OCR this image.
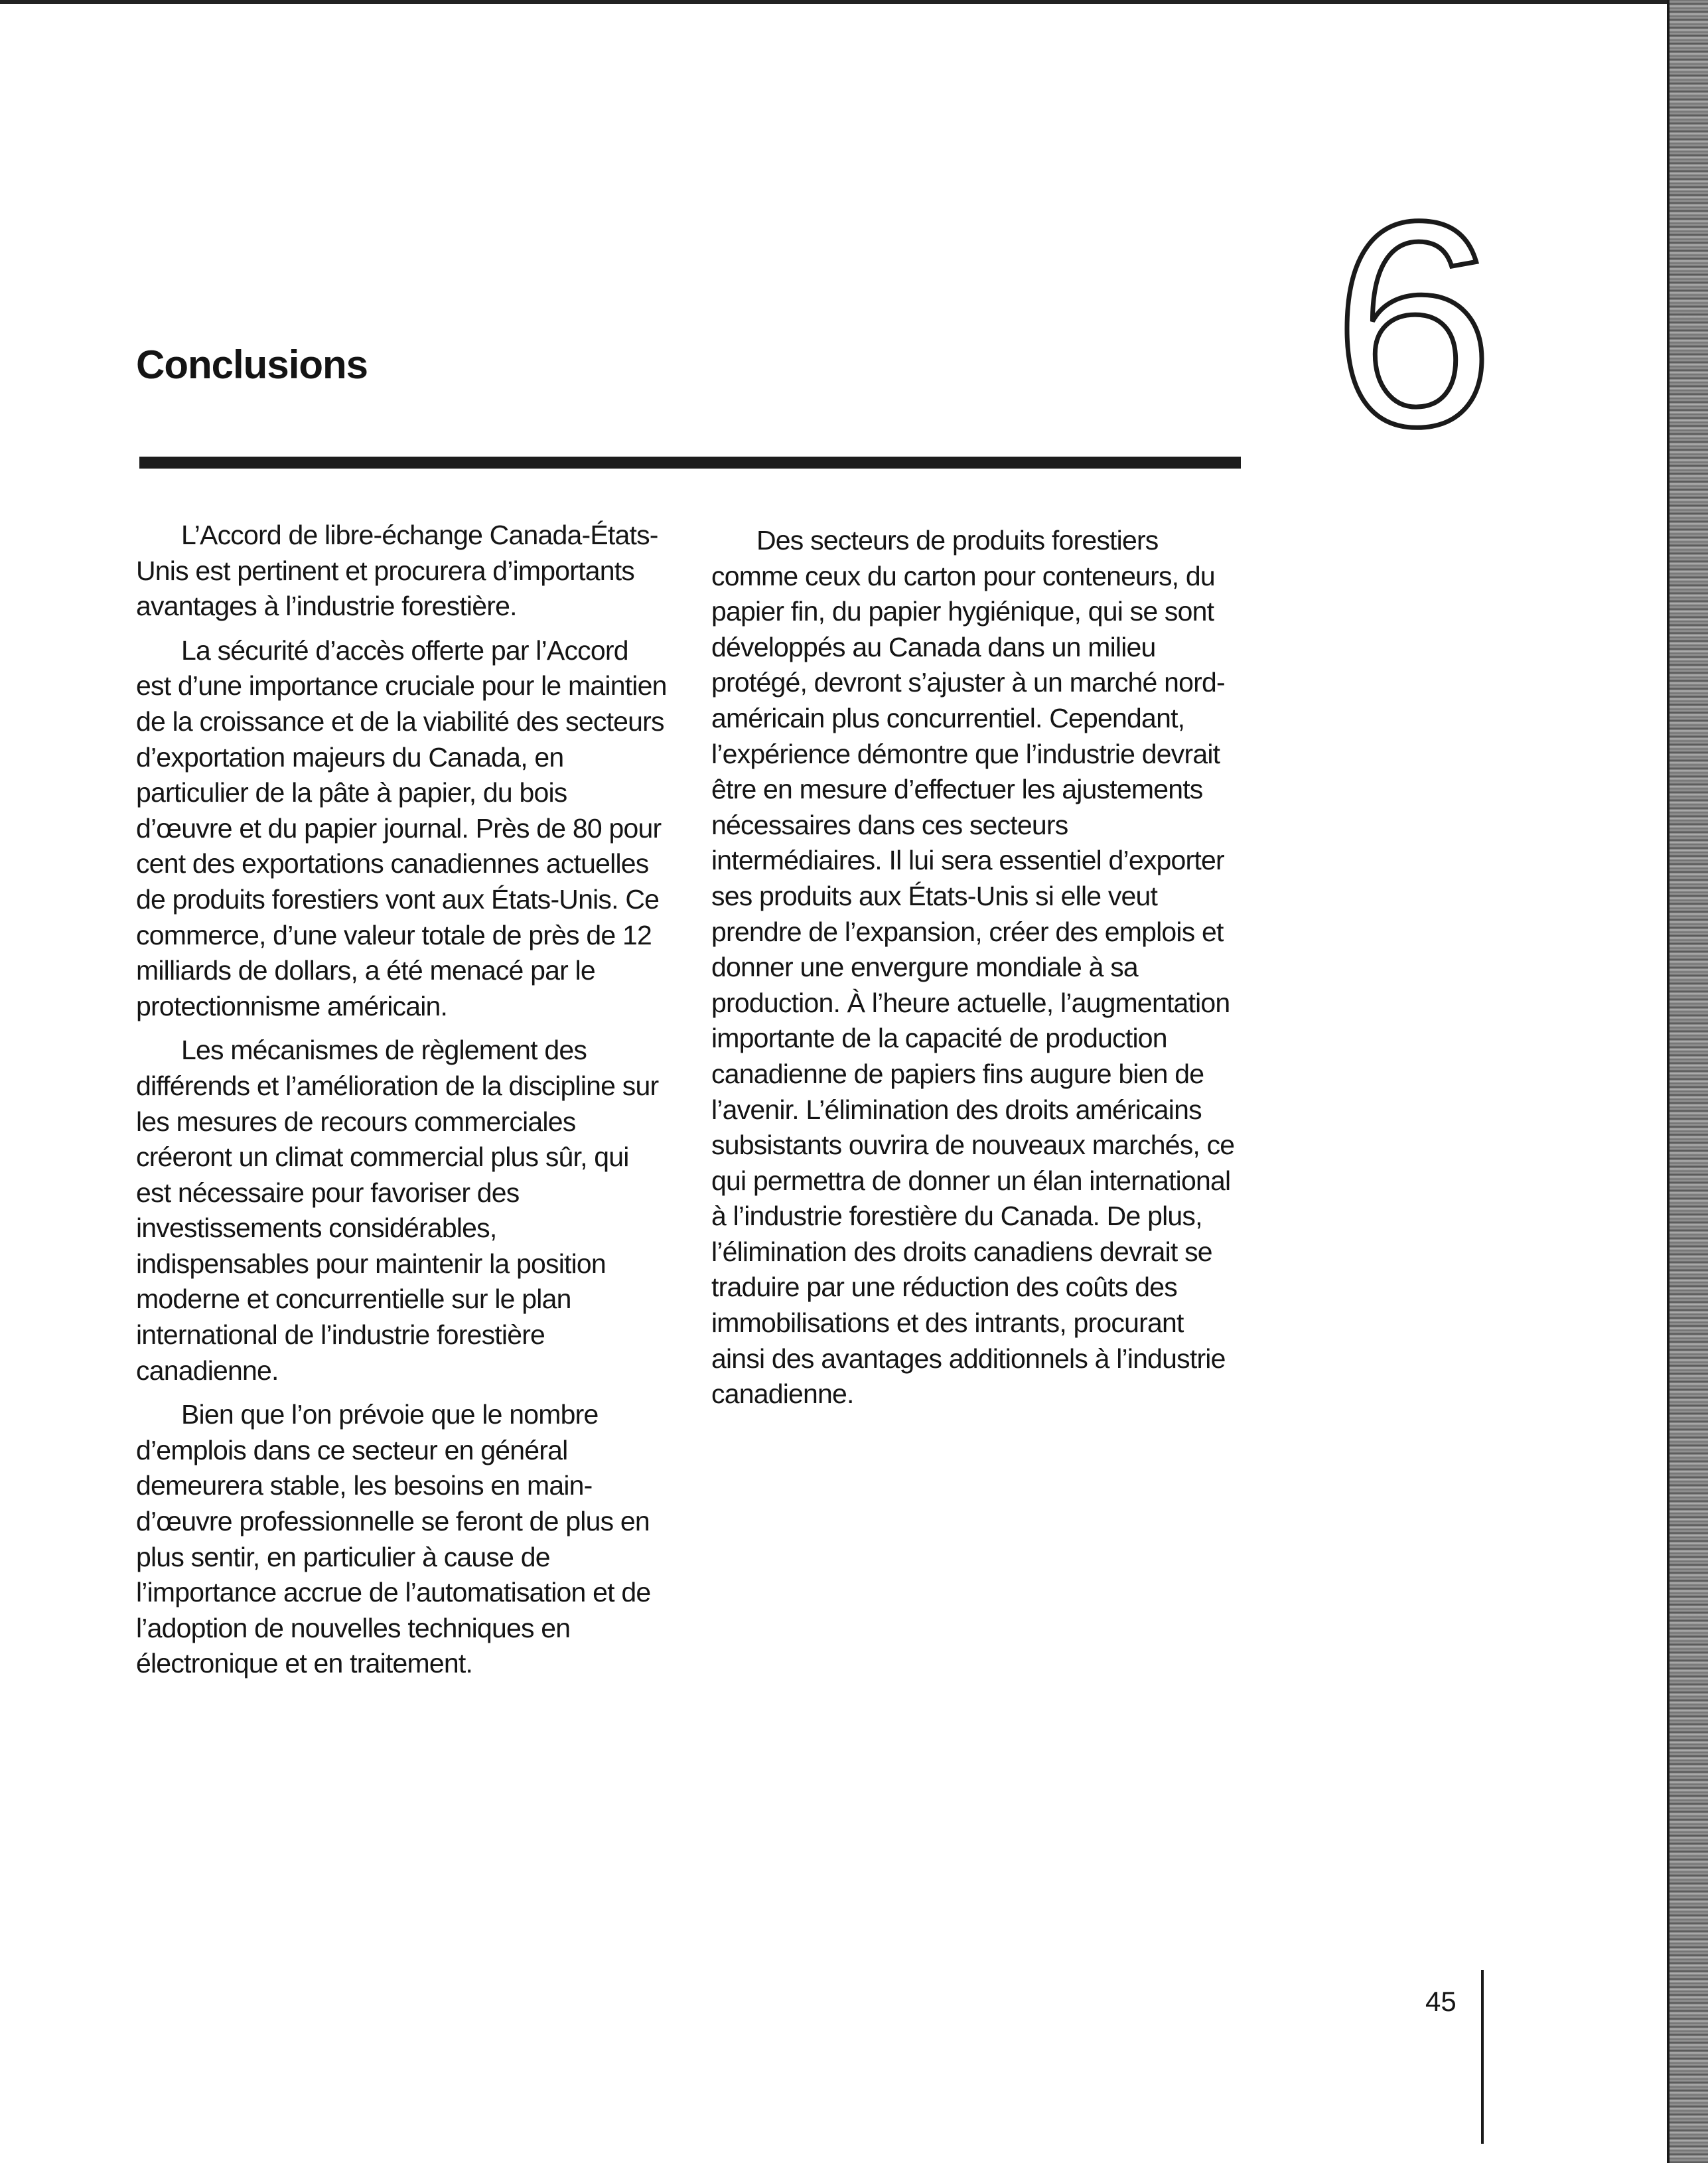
Conclusions	6

L’Accord de libre-échange Canada-États-Unis est pertinent et procurera d’importants avantages à l’industrie forestière.

La sécurité d’accès offerte par l’Accord est d’une importance cruciale pour le maintien de la croissance et de la viabilité des secteurs d’exportation majeurs du Canada, en particulier de la pâte à papier, du bois d’œuvre et du papier journal. Près de 80 pour cent des exportations canadiennes actuelles de produits forestiers vont aux États-Unis. Ce commerce, d’une valeur totale de près de 12 milliards de dollars, a été menacé par le protectionnisme américain.

Les mécanismes de règlement des différends et l’amélioration de la discipline sur les mesures de recours commerciales créeront un climat commercial plus sûr, qui est nécessaire pour favoriser des investissements considérables, indispensables pour maintenir la position moderne et concurrentielle sur le plan international de l’industrie forestière canadienne.

Bien que l’on prévoie que le nombre d’emplois dans ce secteur en général demeurera stable, les besoins en main-d’œuvre professionnelle se feront de plus en plus sentir, en particulier à cause de l’importance accrue de l’automatisation et de l’adoption de nouvelles techniques en électronique et en traitement.

Des secteurs de produits forestiers comme ceux du carton pour conteneurs, du papier fin, du papier hygiénique, qui se sont développés au Canada dans un milieu protégé, devront s’ajuster à un marché nord-américain plus concurrentiel. Cependant, l’expérience démontre que l’industrie devrait être en mesure d’effectuer les ajustements nécessaires dans ces secteurs intermédiaires. Il lui sera essentiel d’exporter ses produits aux États-Unis si elle veut prendre de l’expansion, créer des emplois et donner une envergure mondiale à sa production. À l’heure actuelle, l’augmentation importante de la capacité de production canadienne de papiers fins augure bien de l’avenir. L’élimination des droits américains subsistants ouvrira de nouveaux marchés, ce qui permettra de donner un élan international à l’industrie forestière du Canada. De plus, l’élimination des droits canadiens devrait se traduire par une réduction des coûts des immobilisations et des intrants, procurant ainsi des avantages additionnels à l’industrie canadienne.

45
